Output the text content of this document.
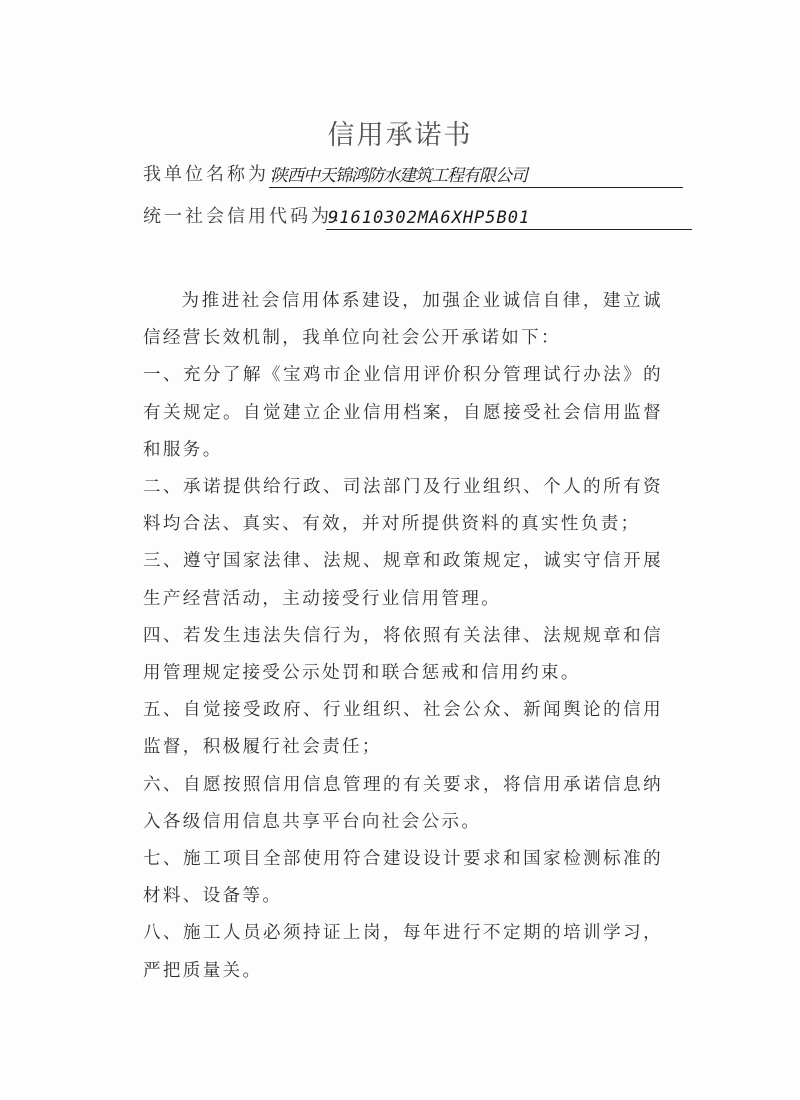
信用承诺书
我单位名称为：
陕西中天锦鸿防水建筑工程有限公司
统一社会信用代码为：
91610302MA6XHP5B01

为推进社会信用体系建设，加强企业诚信自律，建立诚信经营长效机制，我单位向社会公开承诺如下：

一、充分了解《宝鸡市企业信用评价积分管理试行办法》的有关规定。自觉建立企业信用档案，自愿接受社会信用监督和服务。

二、承诺提供给行政、司法部门及行业组织、个人的所有资料均合法、真实、有效，并对所提供资料的真实性负责；

三、遵守国家法律、法规、规章和政策规定，诚实守信开展生产经营活动，主动接受行业信用管理。

四、若发生违法失信行为，将依照有关法律、法规规章和信用管理规定接受公示处罚和联合惩戒和信用约束。

五、自觉接受政府、行业组织、社会公众、新闻舆论的信用监督，积极履行社会责任；

六、自愿按照信用信息管理的有关要求，将信用承诺信息纳入各级信用信息共享平台向社会公示。

七、施工项目全部使用符合建设设计要求和国家检测标准的材料、设备等。

八、施工人员必须持证上岗，每年进行不定期的培训学习，严把质量关。
